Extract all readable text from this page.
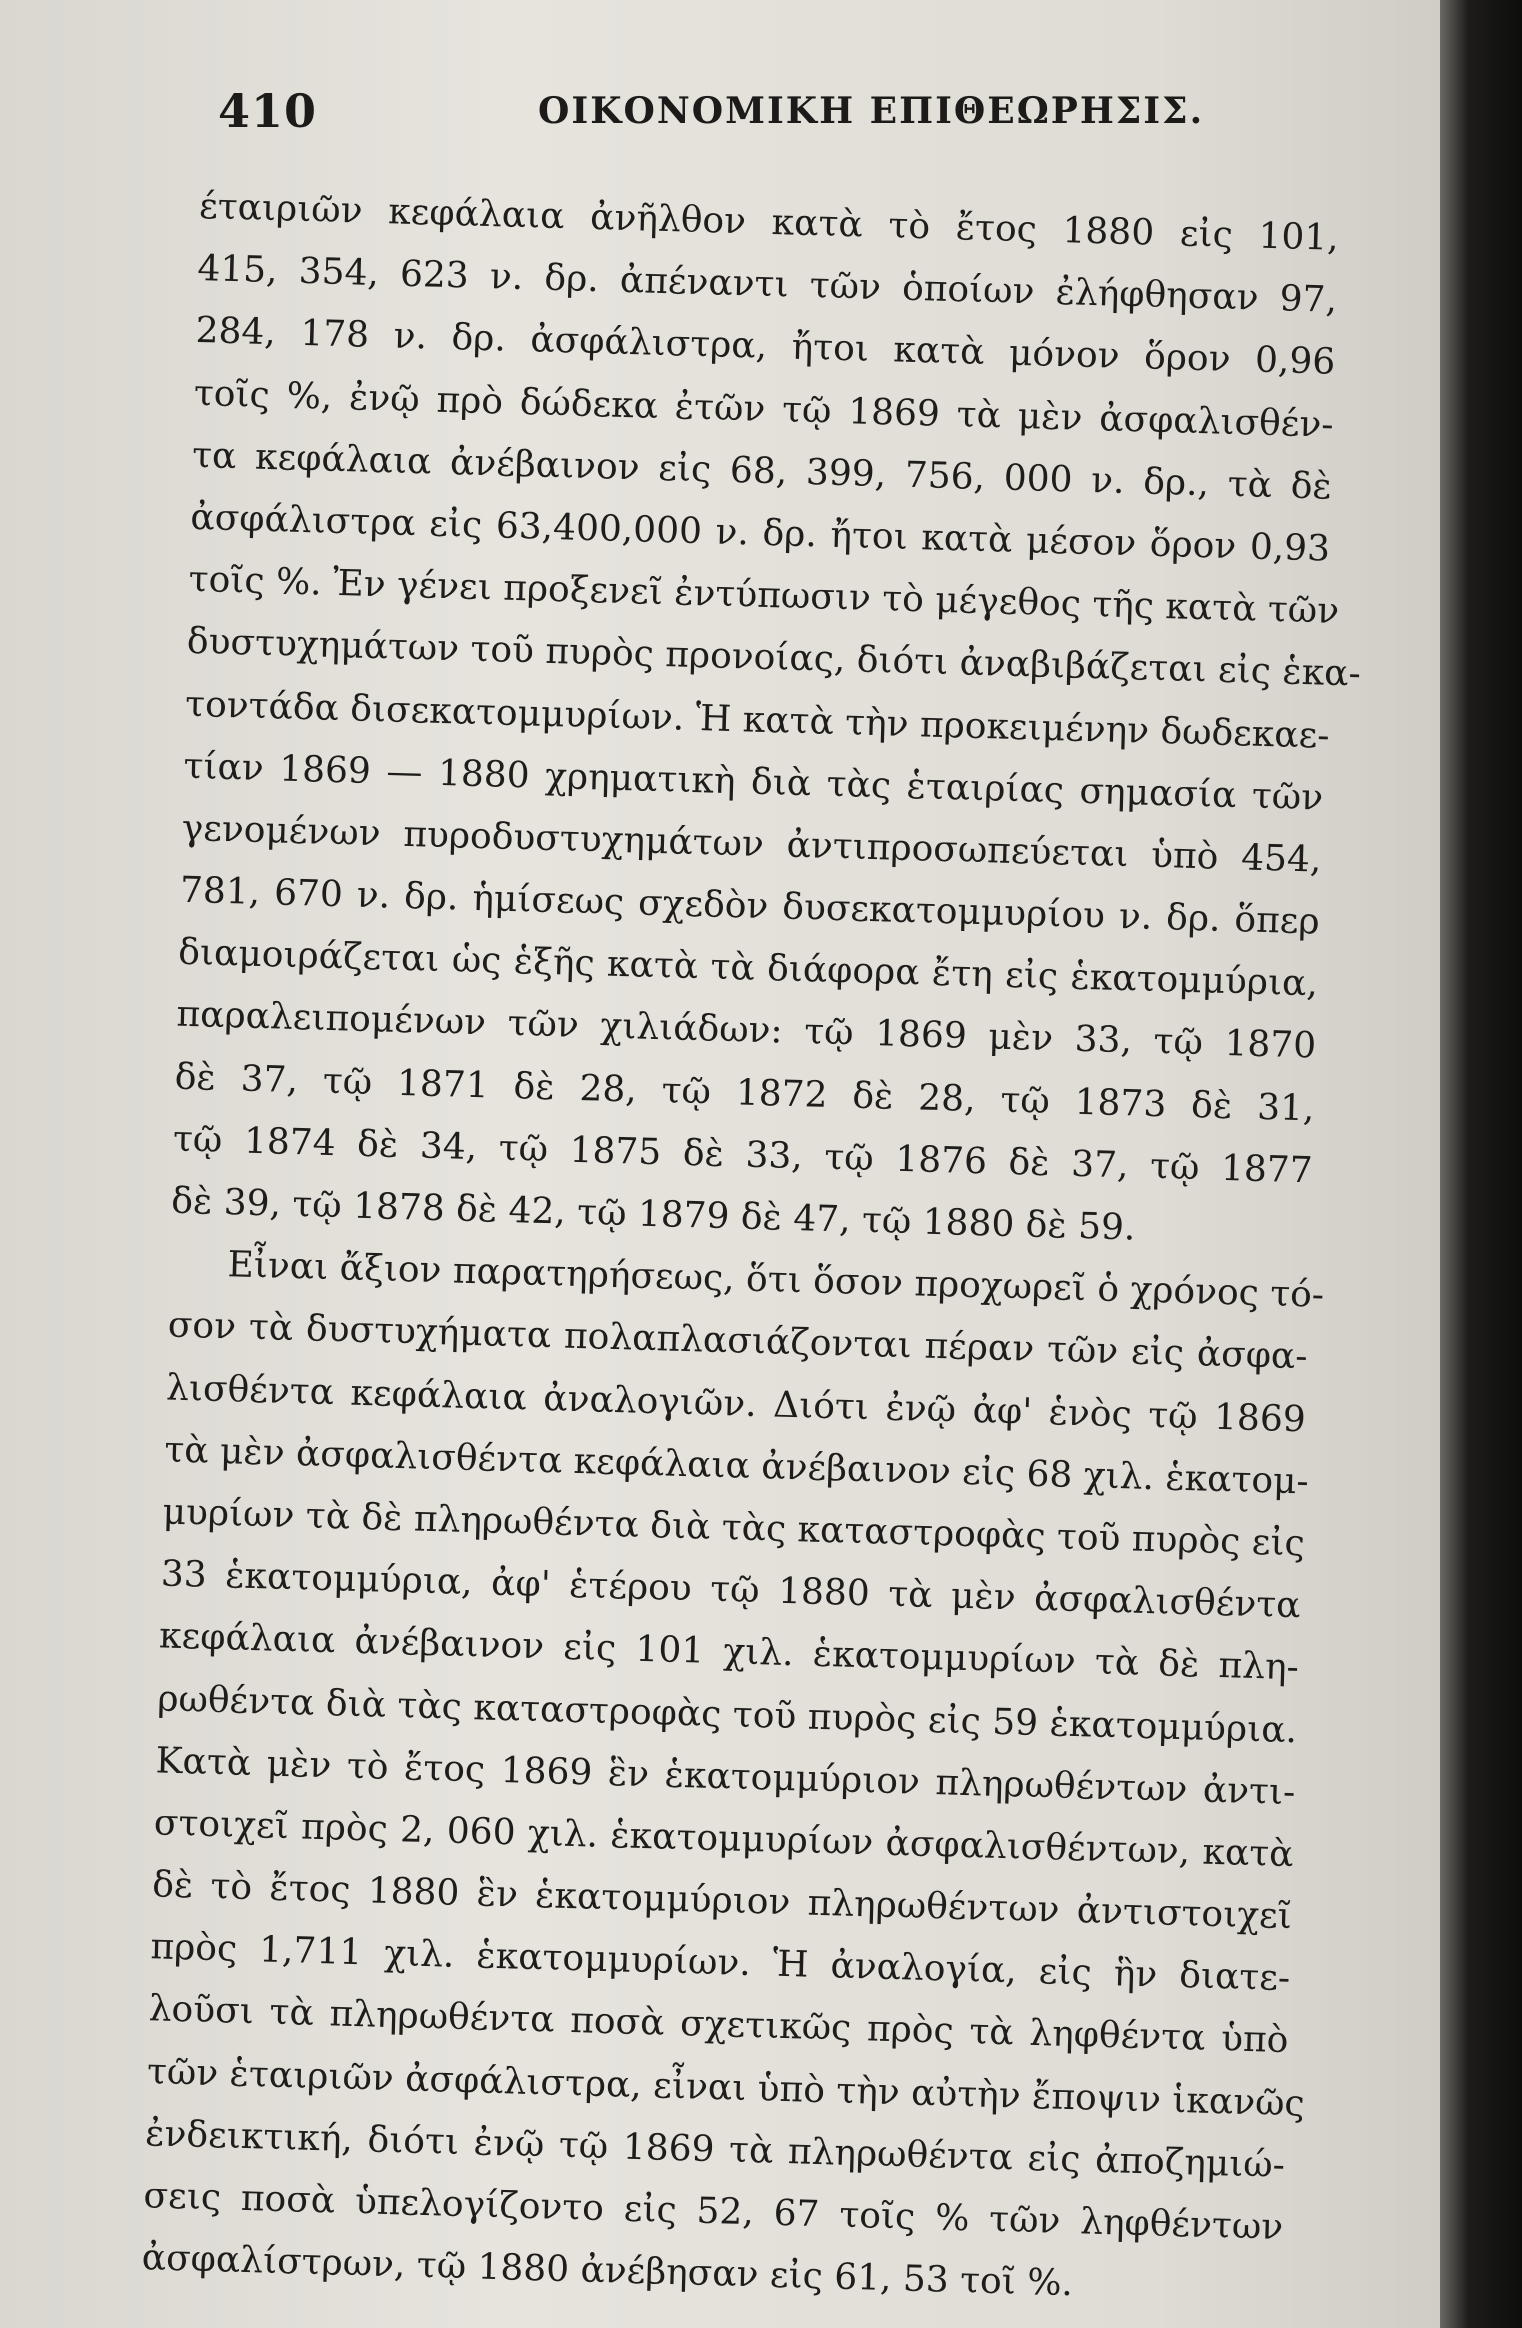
410	ΟΙΚΟΝΟΜΙΚΗ ΕΠΙΘΕΩΡΗΣΙΣ.
έταιριῶν κεφάλαια ἀνῆλθον κατὰ τὸ ἔτος 1880 εἰς 101,
415, 354, 623 ν. δρ. ἀπέναντι τῶν ὁποίων ἐλήφθησαν 97,
284, 178 ν. δρ. ἀσφάλιστρα, ἤτοι κατὰ μόνον ὅρον 0,96
τοῖς %, ἐνῷ πρὸ δώδεκα ἐτῶν τῷ 1869 τὰ μὲν ἀσφαλισθέν-
τα κεφάλαια ἀνέβαινον εἰς 68, 399, 756, 000 ν. δρ., τὰ δὲ
ἀσφάλιστρα εἰς 63,400,000 ν. δρ. ἤτοι κατὰ μέσον ὅρον 0,93
τοῖς %. Ἐν γένει προξενεῖ ἐντύπωσιν τὸ μέγεθος τῆς κατὰ τῶν
δυστυχημάτων τοῦ πυρὸς προνοίας, διότι ἀναβιβάζεται εἰς ἑκα-
τοντάδα δισεκατομμυρίων. Ἡ κατὰ τὴν προκειμένην δωδεκαε-
τίαν 1869 — 1880 χρηματικὴ διὰ τὰς ἑταιρίας σημασία τῶν
γενομένων πυροδυστυχημάτων ἀντιπροσωπεύεται ὑπὸ 454,
781, 670 ν. δρ. ἡμίσεως σχεδὸν δυσεκατομμυρίου ν. δρ. ὅπερ
διαμοιράζεται ὡς ἑξῆς κατὰ τὰ διάφορα ἔτη εἰς ἑκατομμύρια,
παραλειπομένων τῶν χιλιάδων: τῷ 1869 μὲν 33, τῷ 1870
δὲ 37, τῷ 1871 δὲ 28, τῷ 1872 δὲ 28, τῷ 1873 δὲ 31,
τῷ 1874 δὲ 34, τῷ 1875 δὲ 33, τῷ 1876 δὲ 37, τῷ 1877
δὲ 39, τῷ 1878 δὲ 42, τῷ 1879 δὲ 47, τῷ 1880 δὲ 59.
Εἶναι ἄξιον παρατηρήσεως, ὅτι ὅσον προχωρεῖ ὁ χρόνος τό-
σον τὰ δυστυχήματα πολαπλασιάζονται πέραν τῶν εἰς ἀσφα-
λισθέντα κεφάλαια ἀναλογιῶν. Διότι ἐνῷ ἀφ' ἑνὸς τῷ 1869
τὰ μὲν ἀσφαλισθέντα κεφάλαια ἀνέβαινον εἰς 68 χιλ. ἑκατομ-
μυρίων τὰ δὲ πληρωθέντα διὰ τὰς καταστροφὰς τοῦ πυρὸς εἰς
33 ἑκατομμύρια, ἀφ' ἑτέρου τῷ 1880 τὰ μὲν ἀσφαλισθέντα
κεφάλαια ἀνέβαινον εἰς 101 χιλ. ἑκατομμυρίων τὰ δὲ πλη-
ρωθέντα διὰ τὰς καταστροφὰς τοῦ πυρὸς εἰς 59 ἑκατομμύρια.
Κατὰ μὲν τὸ ἔτος 1869 ἓν ἑκατομμύριον πληρωθέντων ἀντι-
στοιχεῖ πρὸς 2, 060 χιλ. ἑκατομμυρίων ἀσφαλισθέντων, κατὰ
δὲ τὸ ἔτος 1880 ἓν ἑκατομμύριον πληρωθέντων ἀντιστοιχεῖ
πρὸς 1,711 χιλ. ἑκατομμυρίων. Ἡ ἀναλογία, εἰς ἣν διατε-
λοῦσι τὰ πληρωθέντα ποσὰ σχετικῶς πρὸς τὰ ληφθέντα ὑπὸ
τῶν ἑταιριῶν ἀσφάλιστρα, εἶναι ὑπὸ τὴν αὐτὴν ἔποψιν ἱκανῶς
ἐνδεικτική, διότι ἐνῷ τῷ 1869 τὰ πληρωθέντα εἰς ἀποζημιώ-
σεις ποσὰ ὑπελογίζοντο εἰς 52, 67 τοῖς % τῶν ληφθέντων
ἀσφαλίστρων, τῷ 1880 ἀνέβησαν εἰς 61, 53 τοῖ %.
